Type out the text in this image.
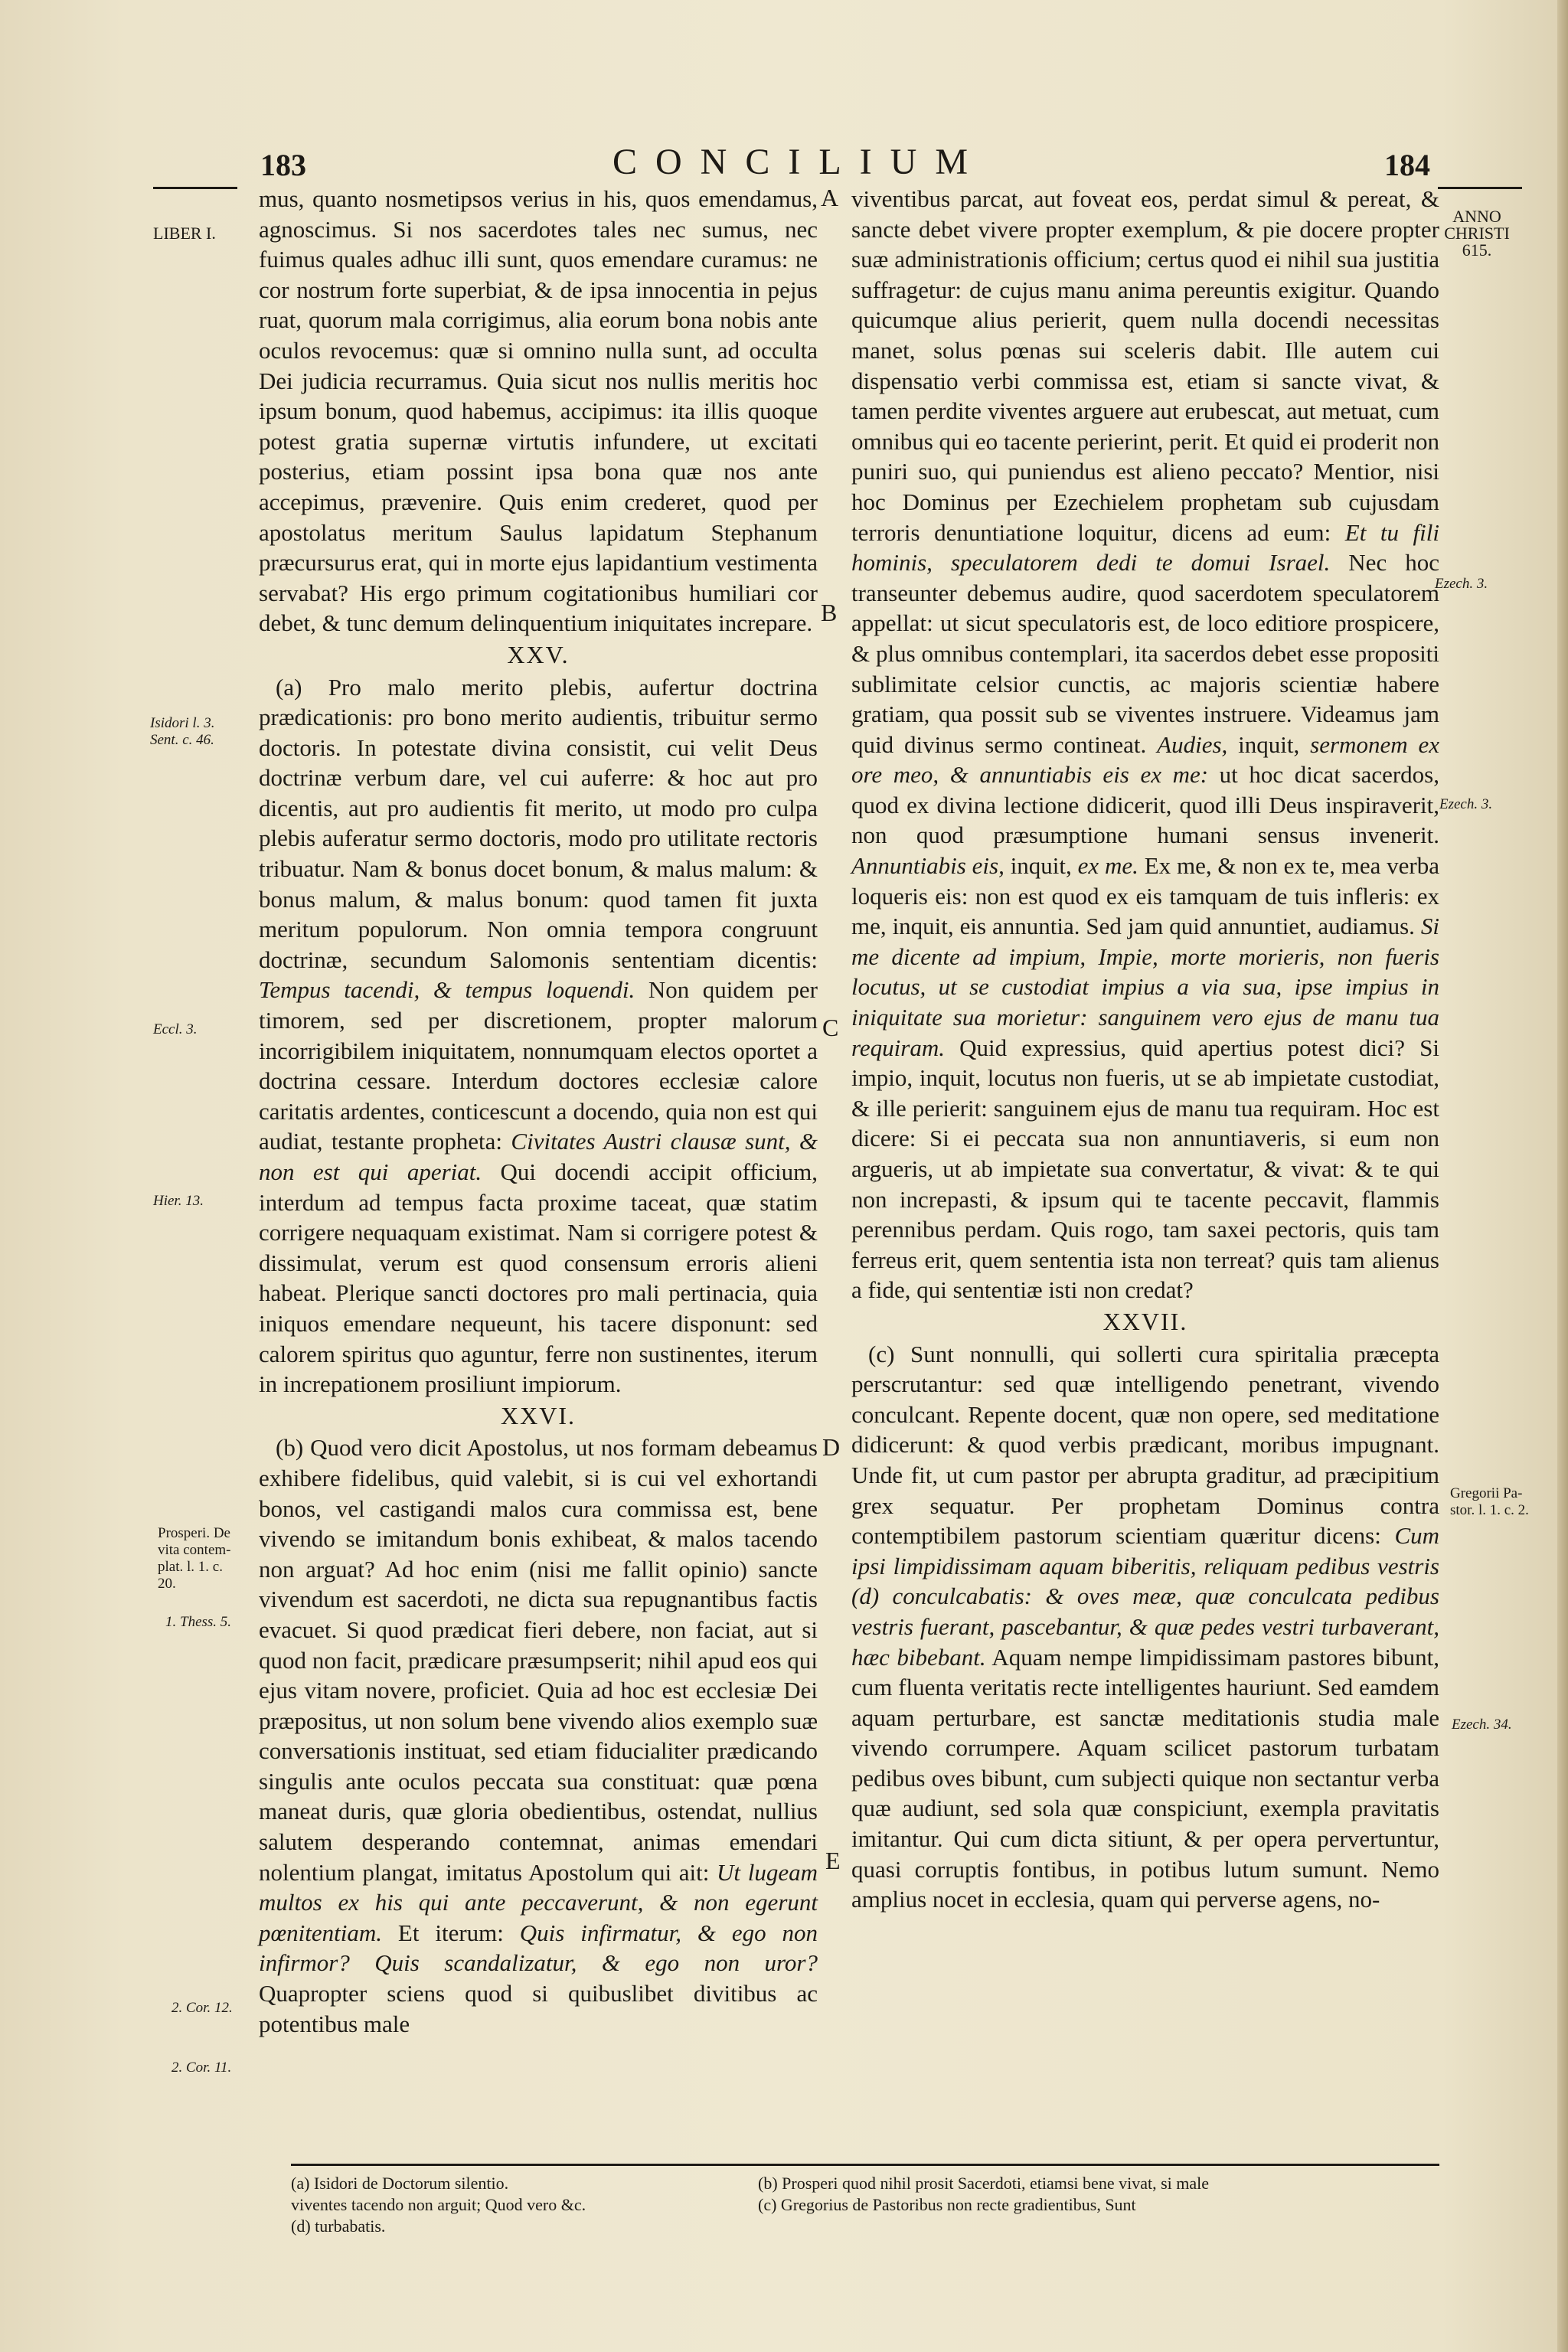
183	CONCILIUM	184
LIBER I.
Isidori l. 3.
Sent. c. 46.
Eccl. 3.
Hier. 13.
Prosperi. De
vita contem-
plat. l. 1. c.
20.
1. Thess. 5.
2. Cor. 12.
2. Cor. 11.
ANNO
CHRISTI
615.
Ezech. 3.
Ezech. 3.
Gregorii Pa-
stor. l. 1. c. 2.
Ezech. 34.
A
B
C
D
E

mus, quanto nosmetipsos verius in his, quos emendamus, agnoscimus. Si nos sacerdotes tales nec sumus, nec fuimus quales adhuc illi sunt, quos emendare curamus: ne cor nostrum forte superbiat, & de ipsa innocentia in pejus ruat, quorum mala corrigimus, alia eorum bona nobis ante oculos revocemus: quæ si omnino nulla sunt, ad occulta Dei judicia recurramus. Quia sicut nos nullis meritis hoc ipsum bonum, quod habemus, accipimus: ita illis quoque potest gratia supernæ virtutis infundere, ut excitati posterius, etiam possint ipsa bona quæ nos ante accepimus, prævenire. Quis enim crederet, quod per apostolatus meritum Saulus lapidatum Stephanum præcursurus erat, qui in morte ejus lapidantium vestimenta servabat? His ergo primum cogitationibus humiliari cor debet, & tunc demum delinquentium iniquitates increpare.

XXV.

(a) Pro malo merito plebis, aufertur doctrina prædicationis: pro bono merito audientis, tribuitur sermo doctoris. In potestate divina consistit, cui velit Deus doctrinæ verbum dare, vel cui auferre: & hoc aut pro dicentis, aut pro audientis fit merito, ut modo pro culpa plebis auferatur sermo doctoris, modo pro utilitate rectoris tribuatur. Nam & bonus docet bonum, & malus malum: & bonus malum, & malus bonum: quod tamen fit juxta meritum populorum. Non omnia tempora congruunt doctrinæ, secundum Salomonis sententiam dicentis: Tempus tacendi, & tempus loquendi. Non quidem per timorem, sed per discretionem, propter malorum incorrigibilem iniquitatem, nonnumquam electos oportet a doctrina cessare. Interdum doctores ecclesiæ calore caritatis ardentes, conticescunt a docendo, quia non est qui audiat, testante propheta: Civitates Austri clausæ sunt, & non est qui aperiat. Qui docendi accipit officium, interdum ad tempus facta proxime taceat, quæ statim corrigere nequaquam existimat. Nam si corrigere potest & dissimulat, verum est quod consensum erroris alieni habeat. Plerique sancti doctores pro mali pertinacia, quia iniquos emendare nequeunt, his tacere disponunt: sed calorem spiritus quo aguntur, ferre non sustinentes, iterum in increpationem prosiliunt impiorum.

XXVI.

(b) Quod vero dicit Apostolus, ut nos formam debeamus exhibere fidelibus, quid valebit, si is cui vel exhortandi bonos, vel castigandi malos cura commissa est, bene vivendo se imitandum bonis exhibeat, & malos tacendo non arguat? Ad hoc enim (nisi me fallit opinio) sancte vivendum est sacerdoti, ne dicta sua repugnantibus factis evacuet. Si quod prædicat fieri debere, non faciat, aut si quod non facit, prædicare præsumpserit; nihil apud eos qui ejus vitam novere, proficiet. Quia ad hoc est ecclesiæ Dei præpositus, ut non solum bene vivendo alios exemplo suæ conversationis instituat, sed etiam fiducialiter prædicando singulis ante oculos peccata sua constituat: quæ pœna maneat duris, quæ gloria obedientibus, ostendat, nullius salutem desperando contemnat, animas emendari nolentium plangat, imitatus Apostolum qui ait: Ut lugeam multos ex his qui ante peccaverunt, & non egerunt pœnitentiam. Et iterum: Quis infirmatur, & ego non infirmor? Quis scandalizatur, & ego non uror? Quapropter sciens quod si quibuslibet divitibus ac potentibus male

viventibus parcat, aut foveat eos, perdat simul & pereat, & sancte debet vivere propter exemplum, & pie docere propter suæ administrationis officium; certus quod ei nihil sua justitia suffragetur: de cujus manu anima pereuntis exigitur. Quando quicumque alius perierit, quem nulla docendi necessitas manet, solus pœnas sui sceleris dabit. Ille autem cui dispensatio verbi commissa est, etiam si sancte vivat, & tamen perdite viventes arguere aut erubescat, aut metuat, cum omnibus qui eo tacente perierint, perit. Et quid ei proderit non puniri suo, qui puniendus est alieno peccato? Mentior, nisi hoc Dominus per Ezechielem prophetam sub cujusdam terroris denuntiatione loquitur, dicens ad eum: Et tu fili hominis, speculatorem dedi te domui Israel. Nec hoc transeunter debemus audire, quod sacerdotem speculatorem appellat: ut sicut speculatoris est, de loco editiore prospicere, & plus omnibus contemplari, ita sacerdos debet esse propositi sublimitate celsior cunctis, ac majoris scientiæ habere gratiam, qua possit sub se viventes instruere. Videamus jam quid divinus sermo contineat. Audies, inquit, sermonem ex ore meo, & annuntiabis eis ex me: ut hoc dicat sacerdos, quod ex divina lectione didicerit, quod illi Deus inspiraverit, non quod præsumptione humani sensus invenerit. Annuntiabis eis, inquit, ex me. Ex me, & non ex te, mea verba loqueris eis: non est quod ex eis tamquam de tuis infleris: ex me, inquit, eis annuntia. Sed jam quid annuntiet, audiamus. Si me dicente ad impium, Impie, morte morieris, non fueris locutus, ut se custodiat impius a via sua, ipse impius in iniquitate sua morietur: sanguinem vero ejus de manu tua requiram. Quid expressius, quid apertius potest dici? Si impio, inquit, locutus non fueris, ut se ab impietate custodiat, & ille perierit: sanguinem ejus de manu tua requiram. Hoc est dicere: Si ei peccata sua non annuntiaveris, si eum non argueris, ut ab impietate sua convertatur, & vivat: & te qui non increpasti, & ipsum qui te tacente peccavit, flammis perennibus perdam. Quis rogo, tam saxei pectoris, quis tam ferreus erit, quem sententia ista non terreat? quis tam alienus a fide, qui sententiæ isti non credat?

XXVII.

(c) Sunt nonnulli, qui sollerti cura spiritalia præcepta perscrutantur: sed quæ intelligendo penetrant, vivendo conculcant. Repente docent, quæ non opere, sed meditatione didicerunt: & quod verbis prædicant, moribus impugnant. Unde fit, ut cum pastor per abrupta graditur, ad præcipitium grex sequatur. Per prophetam Dominus contra contemptibilem pastorum scientiam quæritur dicens: Cum ipsi limpidissimam aquam biberitis, reliquam pedibus vestris (d) conculcabatis: & oves meæ, quæ conculcata pedibus vestris fuerant, pascebantur, & quæ pedes vestri turbaverant, hæc bibebant. Aquam nempe limpidissimam pastores bibunt, cum fluenta veritatis recte intelligentes hauriunt. Sed eamdem aquam perturbare, est sanctæ meditationis studia male vivendo corrumpere. Aquam scilicet pastorum turbatam pedibus oves bibunt, cum subjecti quique non sectantur verba quæ audiunt, sed sola quæ conspiciunt, exempla pravitatis imitantur. Qui cum dicta sitiunt, & per opera pervertuntur, quasi corruptis fontibus, in potibus lutum sumunt. Nemo amplius nocet in ecclesia, quam qui perverse agens, no-

(a) Isidori de Doctorum silentio.
viventes tacendo non arguit; Quod vero &c.
(d) turbabatis.
(b) Prosperi quod nihil prosit Sacerdoti, etiamsi bene vivat, si male
(c) Gregorius de Pastoribus non recte gradientibus, Sunt
